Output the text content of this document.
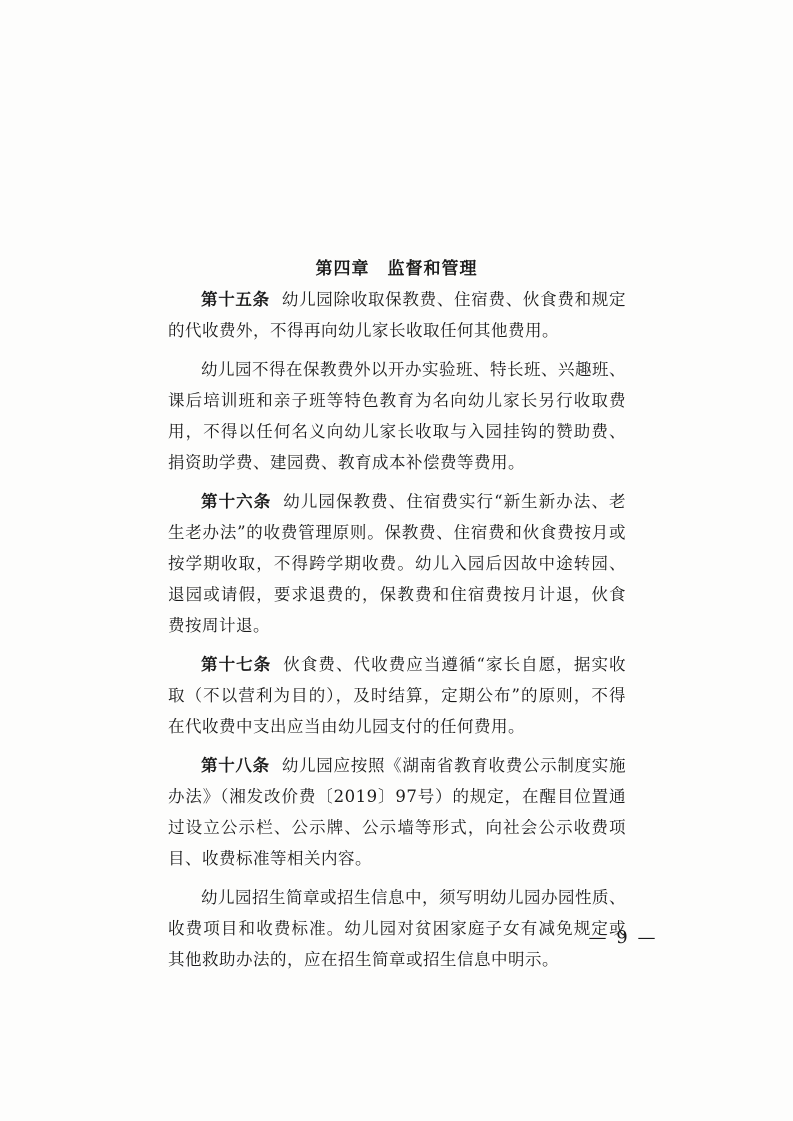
第四章　监督和管理

第十五条 幼儿园除收取保教费、住宿费、伙食费和规定的代收费外，不得再向幼儿家长收取任何其他费用。

幼儿园不得在保教费外以开办实验班、特长班、兴趣班、课后培训班和亲子班等特色教育为名向幼儿家长另行收取费用，不得以任何名义向幼儿家长收取与入园挂钩的赞助费、捐资助学费、建园费、教育成本补偿费等费用。

第十六条 幼儿园保教费、住宿费实行“新生新办法、老生老办法”的收费管理原则。保教费、住宿费和伙食费按月或按学期收取，不得跨学期收费。幼儿入园后因故中途转园、退园或请假，要求退费的，保教费和住宿费按月计退，伙食费按周计退。

第十七条 伙食费、代收费应当遵循“家长自愿，据实收取（不以营利为目的），及时结算，定期公布”的原则，不得在代收费中支出应当由幼儿园支付的任何费用。

第十八条 幼儿园应按照《湖南省教育收费公示制度实施办法》（湘发改价费〔2019〕97号）的规定，在醒目位置通过设立公示栏、公示牌、公示墙等形式，向社会公示收费项目、收费标准等相关内容。

幼儿园招生简章或招生信息中，须写明幼儿园办园性质、收费项目和收费标准。幼儿园对贫困家庭子女有减免规定或其他救助办法的，应在招生简章或招生信息中明示。

— 9 —
